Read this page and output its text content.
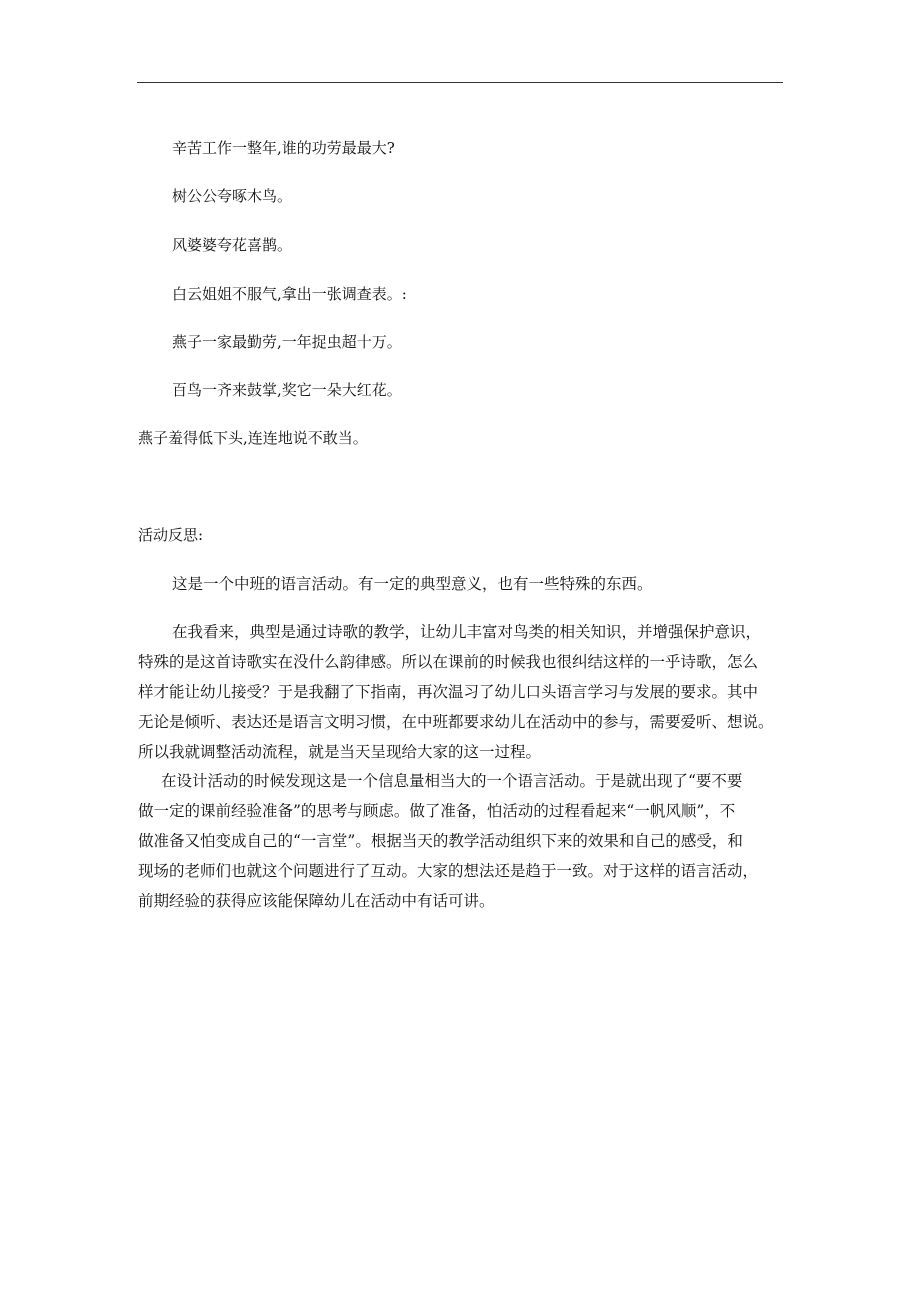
辛苦工作一整年,谁的功劳最最大?

树公公夸啄木鸟。

风婆婆夸花喜鹊。

白云姐姐不服气,拿出一张调查表。:

燕子一家最勤劳,一年捉虫超十万。

百鸟一齐来鼓掌,奖它一朵大红花。

燕子羞得低下头,连连地说不敢当。

活动反思:

这是一个中班的语言活动。有一定的典型意义，也有一些特殊的东西。

在我看来，典型是通过诗歌的教学，让幼儿丰富对鸟类的相关知识，并增强保护意识，
特殊的是这首诗歌实在没什么韵律感。所以在课前的时候我也很纠结这样的一乎诗歌，怎么
样才能让幼儿接受？于是我翻了下指南，再次温习了幼儿口头语言学习与发展的要求。其中
无论是倾听、表达还是语言文明习惯，在中班都要求幼儿在活动中的参与，需要爱听、想说。
所以我就调整活动流程，就是当天呈现给大家的这一过程。
在设计活动的时候发现这是一个信息量相当大的一个语言活动。于是就出现了“要不要
做一定的课前经验准备”的思考与顾虑。做了准备，怕活动的过程看起来“一帆风顺”，不
做准备又怕变成自己的“一言堂”。根据当天的教学活动组织下来的效果和自己的感受，和
现场的老师们也就这个问题进行了互动。大家的想法还是趋于一致。对于这样的语言活动，
前期经验的获得应该能保障幼儿在活动中有话可讲。
